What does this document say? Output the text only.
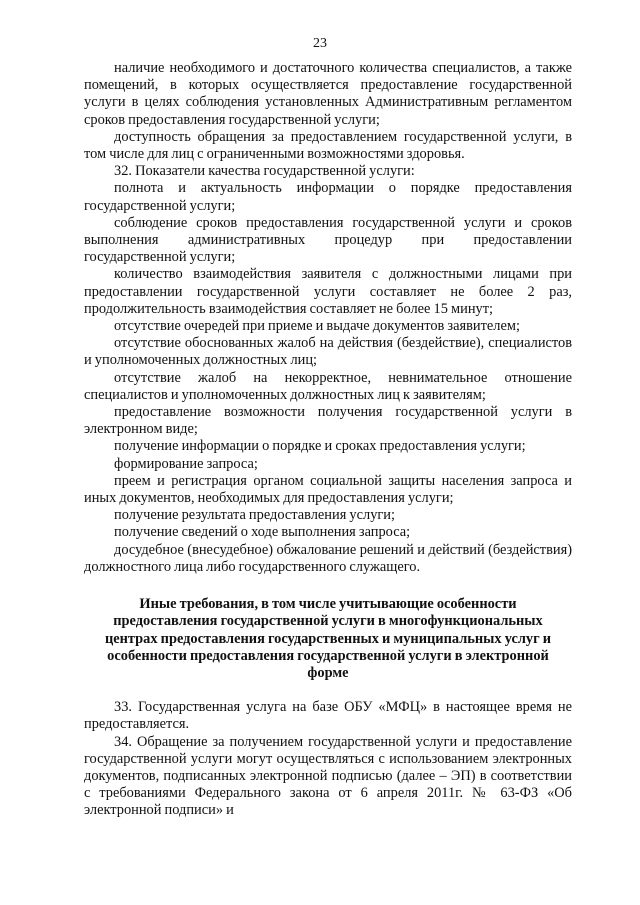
23

наличие необходимого и достаточного количества специалистов, а также помещений, в которых осуществляется предоставление государственной услуги в целях соблюдения установленных Административным регламентом сроков предоставления государственной услуги;

доступность обращения за предоставлением государственной услуги, в том числе для лиц с ограниченными возможностями здоровья.

32. Показатели качества государственной услуги:

полнота и актуальность информации о порядке предоставления государственной услуги;

соблюдение сроков предоставления государственной услуги и сроков выполнения административных процедур при предоставлении государственной услуги;

количество взаимодействия заявителя с должностными лицами при предоставлении государственной услуги составляет не более 2 раз, продолжительность взаимодействия составляет не более 15 минут;

отсутствие очередей при приеме и выдаче документов заявителем;

отсутствие обоснованных жалоб на действия (бездействие), специалистов и уполномоченных должностных лиц;

отсутствие жалоб на некорректное, невнимательное отношение специалистов и уполномоченных должностных лиц к заявителям;

предоставление возможности получения государственной услуги в электронном виде;

получение информации о порядке и сроках предоставления услуги;

формирование запроса;

преем и регистрация органом социальной защиты населения запроса и иных документов, необходимых для предоставления услуги;

получение результата предоставления услуги;

получение сведений о ходе выполнения запроса;

досудебное (внесудебное) обжалование решений и действий (бездействия) должностного лица либо государственного служащего.

Иные требования, в том числе учитывающие особенности предоставления государственной услуги в многофункциональных центрах предоставления государственных и муниципальных услуг и особенности предоставления государственной услуги в электронной форме

33. Государственная услуга на базе ОБУ «МФЦ» в настоящее время не предоставляется.

34. Обращение за получением государственной услуги и предоставление государственной услуги могут осуществляться с использованием электронных документов, подписанных электронной подписью (далее – ЭП) в соответствии с требованиями Федерального закона от 6 апреля 2011г. № 63-ФЗ «Об электронной подписи» и
